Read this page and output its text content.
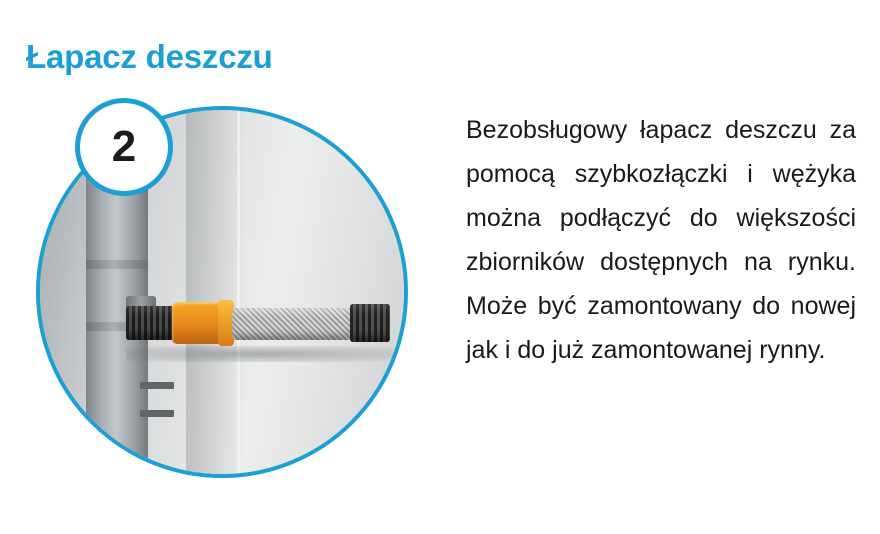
Łapacz deszczu
2	Bezobsługowy łapacz deszczu za pomocą szybkozłączki i wężyka można podłączyć do większości zbiorników dostępnych na rynku. Może być zamontowany do nowej jak i do już zamontowanej rynny.
